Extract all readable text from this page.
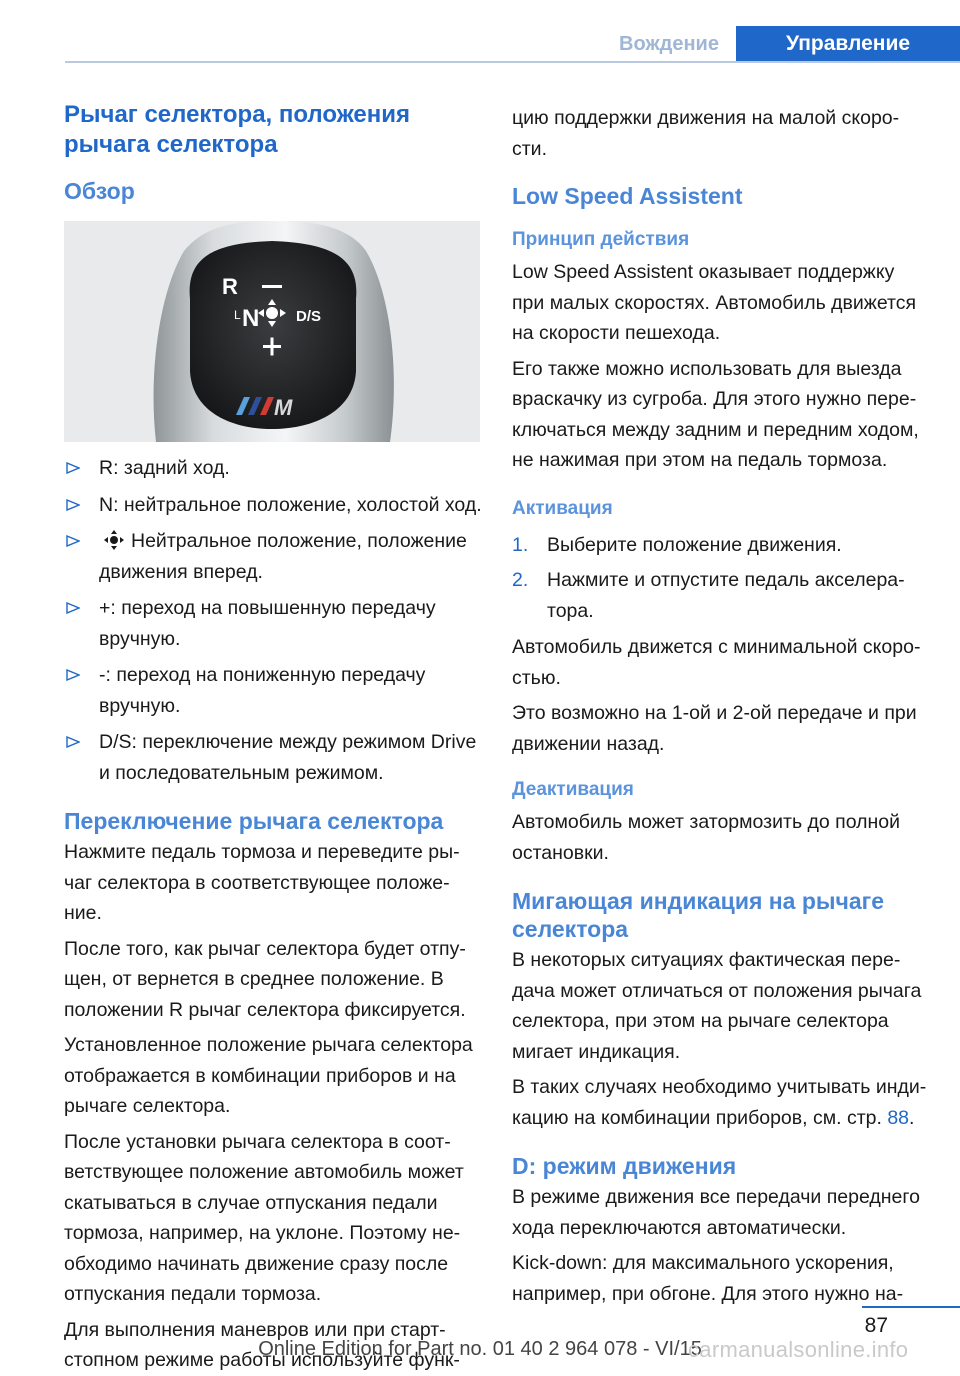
Вождение	Управление
Рычаг селектора, положения рычага селектора
Обзор
R
L N D/S
M
R: задний ход.
N: нейтральное положение, холостой ход.
Нейтральное положение, положение движения вперед.
+: переход на повышенную передачу вручную.
-: переход на пониженную передачу вручную.
D/S: переключение между режимом Drive и последовательным режимом.
Переключение рычага селектора

Нажмите педаль тормоза и переведите ры-чаг селектора в соответствующее положе-ние.

После того, как рычаг селектора будет отпу-щен, от вернется в среднее положение. В положении R рычаг селектора фиксируется.

Установленное положение рычага селектора отображается в комбинации приборов и на рычаге селектора.

После установки рычага селектора в соот-ветствующее положение автомобиль может скатываться в случае отпускания педали тормоза, например, на уклоне. Поэтому не-обходимо начинать движение сразу после отпускания педали тормоза.

Для выполнения маневров или при старт-стопном режиме работы используйте функ-

цию поддержки движения на малой скоро-сти.

Low Speed Assistent
Принцип действия

Low Speed Assistent оказывает поддержку при малых скоростях. Автомобиль движется на скорости пешехода.

Его также можно использовать для выезда враскачку из сугроба. Для этого нужно пере-ключаться между задним и передним ходом, не нажимая при этом на педаль тормоза.

Активация
1. Выберите положение движения.
2. Нажмите и отпустите педаль акселера-тора.

Автомобиль движется с минимальной скоро-стью.

Это возможно на 1-ой и 2-ой передаче и при движении назад.

Деактивация

Автомобиль может затормозить до полной остановки.

Мигающая индикация на рычаге селектора

В некоторых ситуациях фактическая пере-дача может отличаться от положения рычага селектора, при этом на рычаге селектора мигает индикация.

В таких случаях необходимо учитывать инди-кацию на комбинации приборов, см. стр. 88.

D: режим движения

В режиме движения все передачи переднего хода переключаются автоматически.

Kick-down: для максимального ускорения, например, при обгоне. Для этого нужно на-

87
Online Edition for Part no. 01 40 2 964 078 - VI/15
carmanualsonline.info
